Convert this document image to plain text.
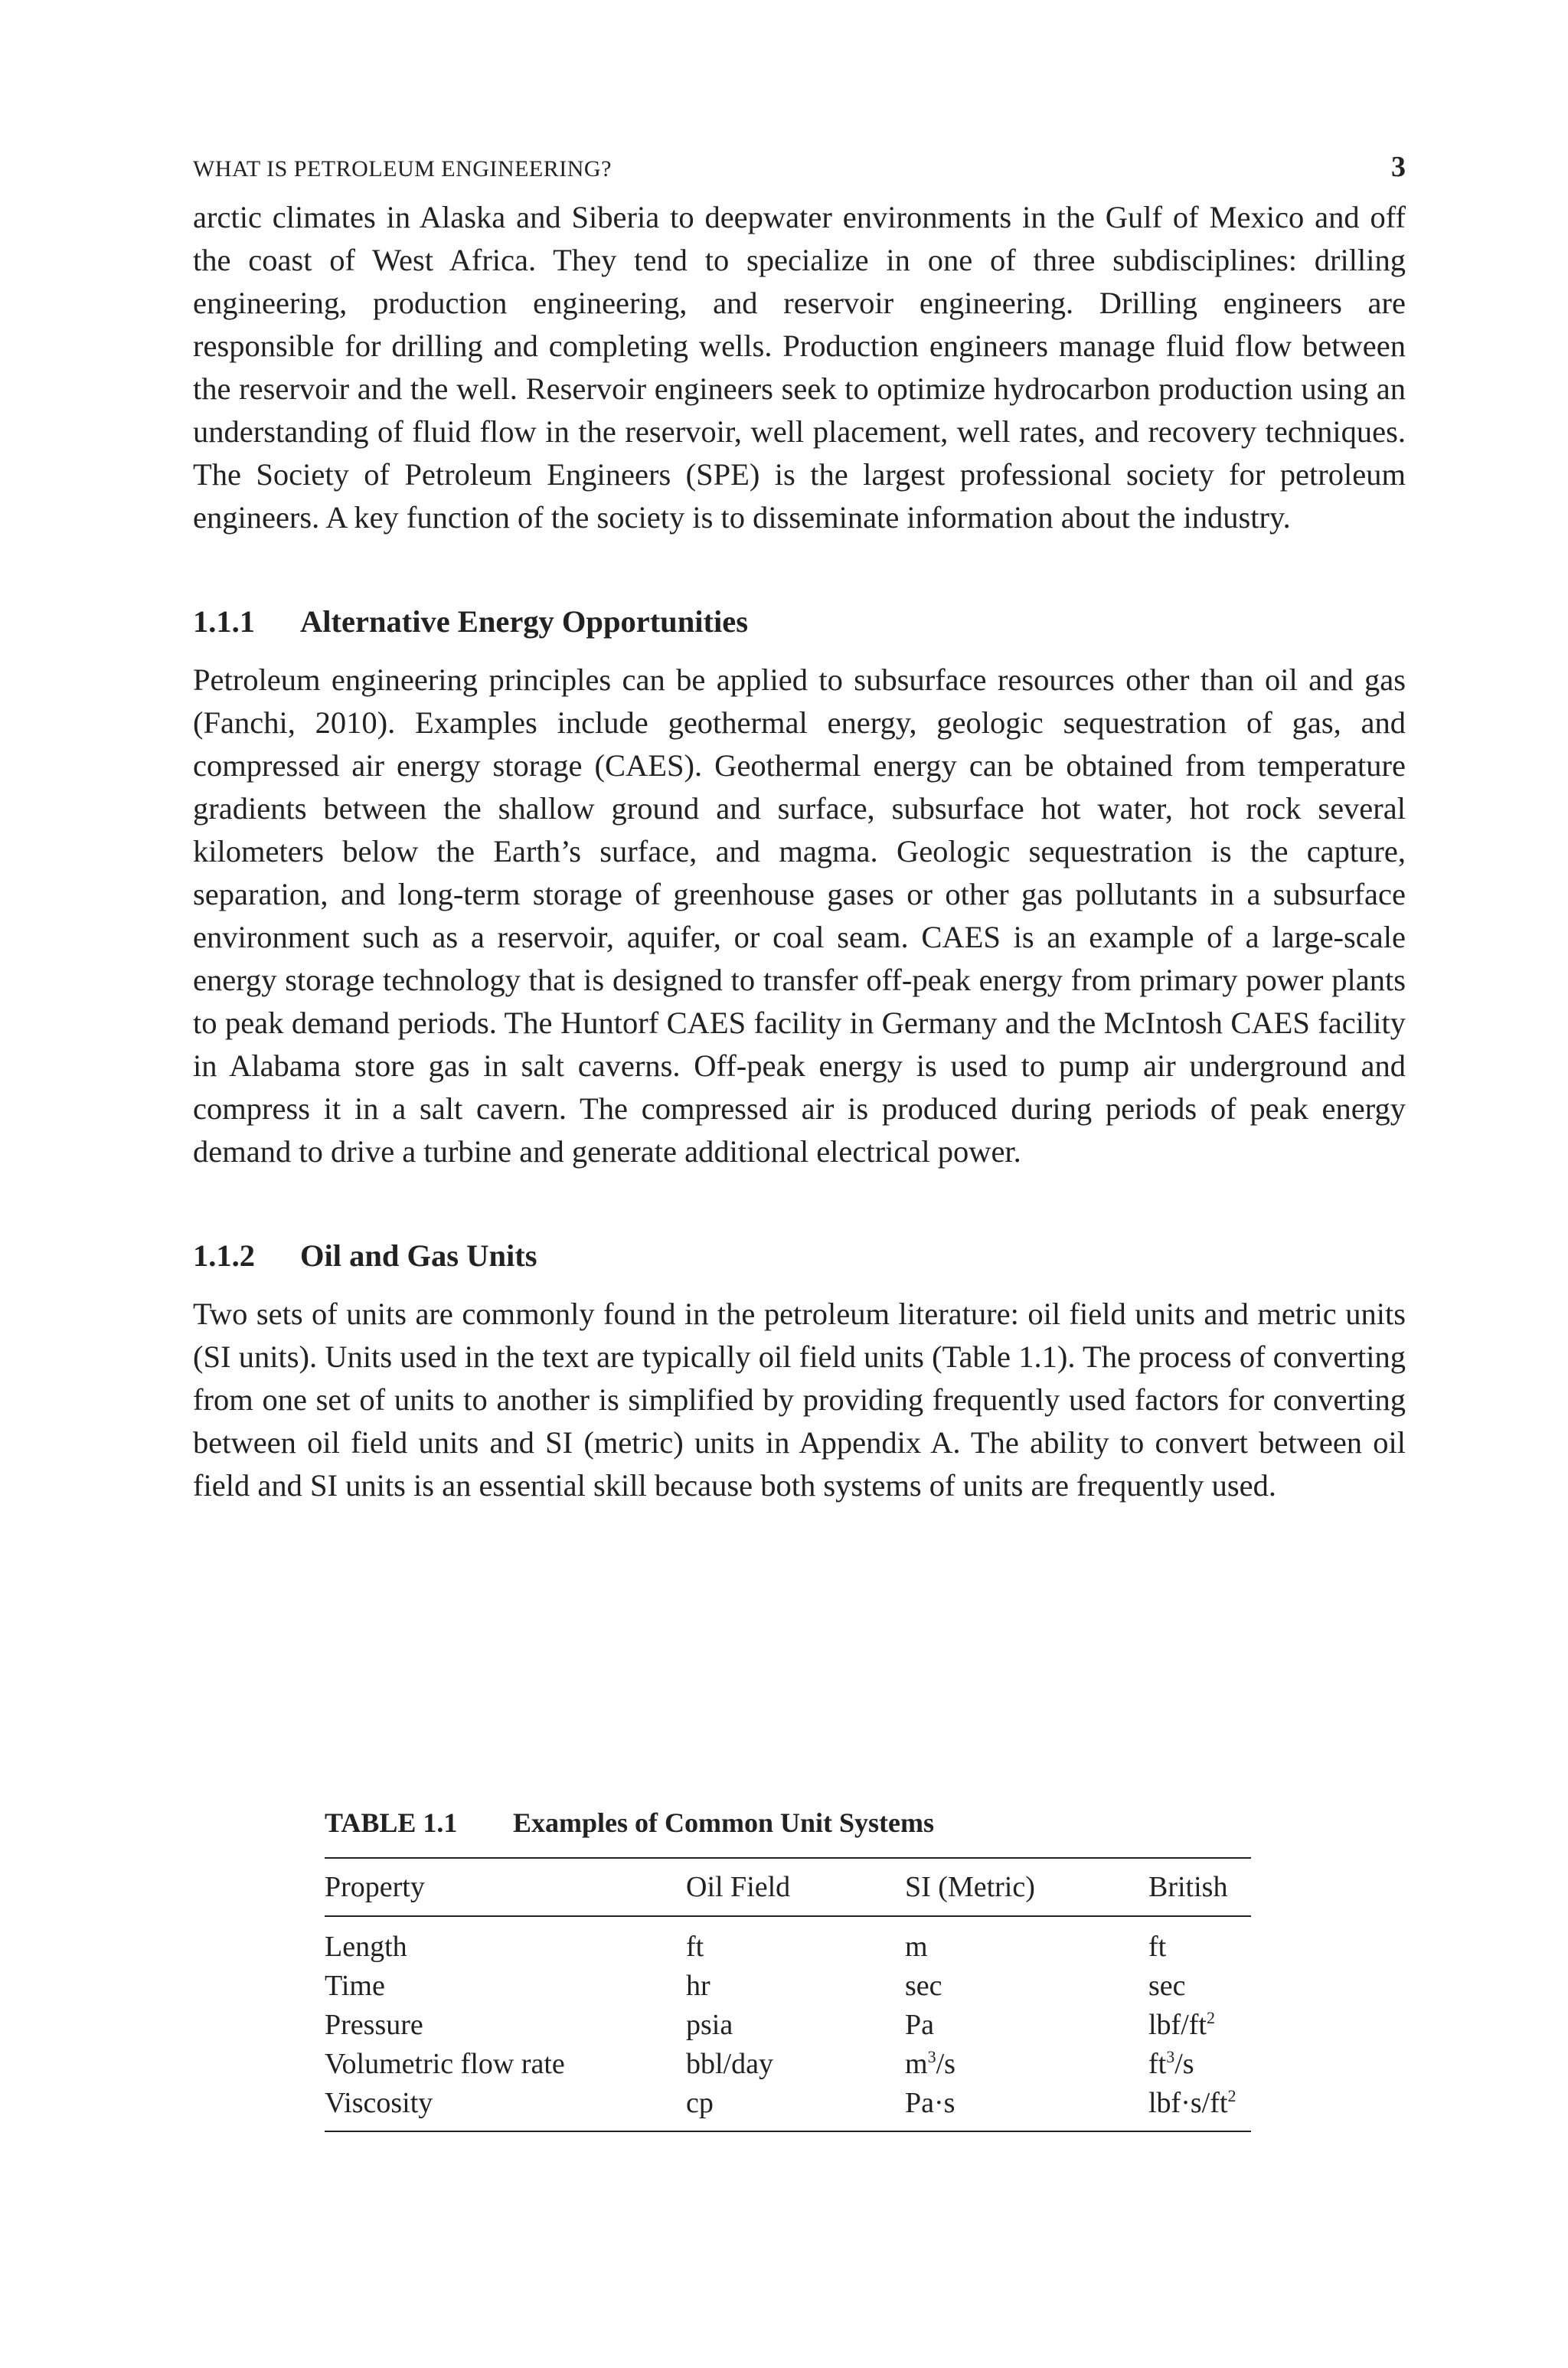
WHAT IS PETROLEUM ENGINEERING?	3

arctic climates in Alaska and Siberia to deepwater environments in the Gulf of Mexico and off the coast of West Africa. They tend to specialize in one of three subdisciplines: drilling engineering, production engineering, and reservoir engineering. Drilling engineers are responsible for drilling and completing wells. Production engineers manage fluid flow between the reservoir and the well. Reservoir engineers seek to optimize hydrocarbon production using an understanding of fluid flow in the reservoir, well placement, well rates, and recovery techniques. The Society of Petroleum Engineers (SPE) is the largest professional society for petroleum engineers. A key function of the society is to disseminate information about the industry.

1.1.1 Alternative Energy Opportunities

Petroleum engineering principles can be applied to subsurface resources other than oil and gas (Fanchi, 2010). Examples include geothermal energy, geologic sequestration of gas, and compressed air energy storage (CAES). Geothermal energy can be obtained from temperature gradients between the shallow ground and surface, subsurface hot water, hot rock several kilometers below the Earth’s surface, and magma. Geologic sequestration is the capture, separation, and long-term storage of greenhouse gases or other gas pollutants in a subsurface environment such as a reservoir, aquifer, or coal seam. CAES is an example of a large-scale energy storage technology that is designed to transfer off-peak energy from primary power plants to peak demand periods. The Huntorf CAES facility in Germany and the McIntosh CAES facility in Alabama store gas in salt caverns. Off-peak energy is used to pump air underground and compress it in a salt cavern. The compressed air is produced during periods of peak energy demand to drive a turbine and generate additional electrical power.

1.1.2 Oil and Gas Units

Two sets of units are commonly found in the petroleum literature: oil field units and metric units (SI units). Units used in the text are typically oil field units (Table 1.1). The process of converting from one set of units to another is simplified by providing frequently used factors for converting between oil field units and SI (metric) units in Appendix A. The ability to convert between oil field and SI units is an essential skill because both systems of units are frequently used.

TABLE 1.1 Examples of Common Unit Systems
Property	Oil Field	SI (Metric)	British
Length	ft	m	ft
Time	hr	sec	sec
Pressure	psia	Pa	lbf/$ft^2$
Volumetric flow rate	bbl/day	$m^3/s$	$ft^3/s$
Viscosity	cp	Pa·s	$lbf\cdot s/ft^2$
